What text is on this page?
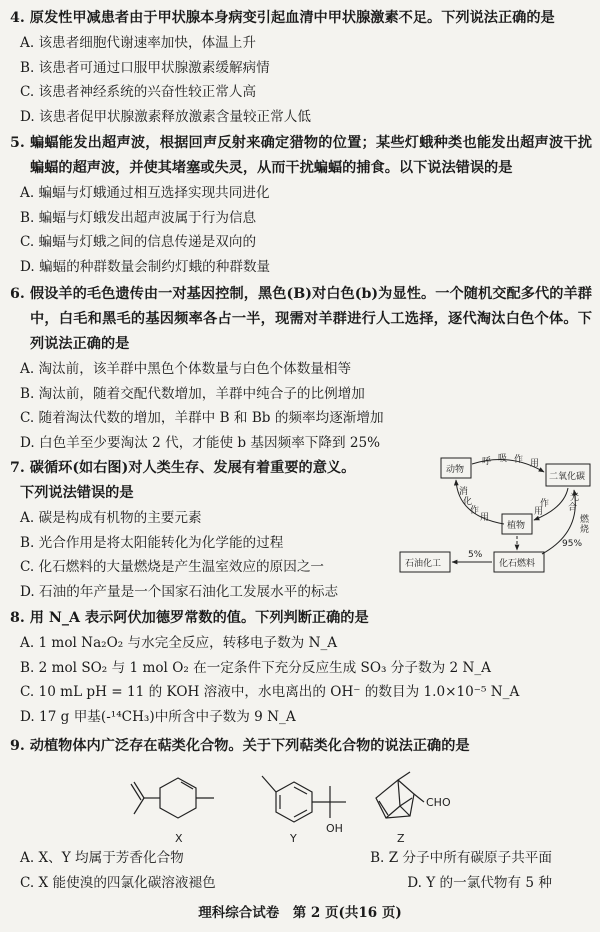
4. 原发性甲减患者由于甲状腺本身病变引起血清中甲状腺激素不足。下列说法正确的是
A. 该患者细胞代谢速率加快，体温上升
B. 该患者可通过口服甲状腺激素缓解病情
C. 该患者神经系统的兴奋性较正常人高
D. 该患者促甲状腺激素释放激素含量较正常人低
5. 蝙蝠能发出超声波，根据回声反射来确定猎物的位置；某些灯蛾种类也能发出超声波干扰蝙蝠的超声波，并使其堵塞或失灵，从而干扰蝙蝠的捕食。以下说法错误的是
A. 蝙蝠与灯蛾通过相互选择实现共同进化
B. 蝙蝠与灯蛾发出超声波属于行为信息
C. 蝙蝠与灯蛾之间的信息传递是双向的
D. 蝙蝠的种群数量会制约灯蛾的种群数量
6. 假设羊的毛色遗传由一对基因控制，黑色(B)对白色(b)为显性。一个随机交配多代的羊群中，白毛和黑毛的基因频率各占一半，现需对羊群进行人工选择，逐代淘汰白色个体。下列说法正确的是
A. 淘汰前，该羊群中黑色个体数量与白色个体数量相等
B. 淘汰前，随着交配代数增加，羊群中纯合子的比例增加
C. 随着淘汰代数的增加，羊群中 B 和 Bb 的频率均逐渐增加
D. 白色羊至少要淘汰 2 代，才能使 b 基因频率下降到 25%
7. 碳循环(如右图)对人类生存、发展有着重要的意义。
下列说法错误的是
A. 碳是构成有机物的主要元素
B. 光合作用是将太阳能转化为化学能的过程
C. 化石燃料的大量燃烧是产生温室效应的原因之一
D. 石油的年产量是一个国家石油化工发展水平的标志
动物
二氧化碳
植物
化石燃料
石油化工
呼 吸 作 用
光
合
作
用
消
化
作
用	燃
烧
95%
5%
8. 用 N_A 表示阿伏加德罗常数的值。下列判断正确的是
A. 1 mol Na₂O₂ 与水完全反应，转移电子数为 N_A
B. 2 mol SO₂ 与 1 mol O₂ 在一定条件下充分反应生成 SO₃ 分子数为 2 N_A
C. 10 mL pH = 11 的 KOH 溶液中，水电离出的 OH⁻ 的数目为 1.0×10⁻⁵ N_A
D. 17 g 甲基(-¹⁴CH₃)中所含中子数为 9 N_A
9. 动植物体内广泛存在萜类化合物。关于下列萜类化合物的说法正确的是
OH
CHO
X	Y	Z
A. X、Y 均属于芳香化合物	B. Z 分子中所有碳原子共平面
C. X 能使溴的四氯化碳溶液褪色	D. Y 的一氯代物有 5 种
理科综合试卷　第 2 页(共16 页)
